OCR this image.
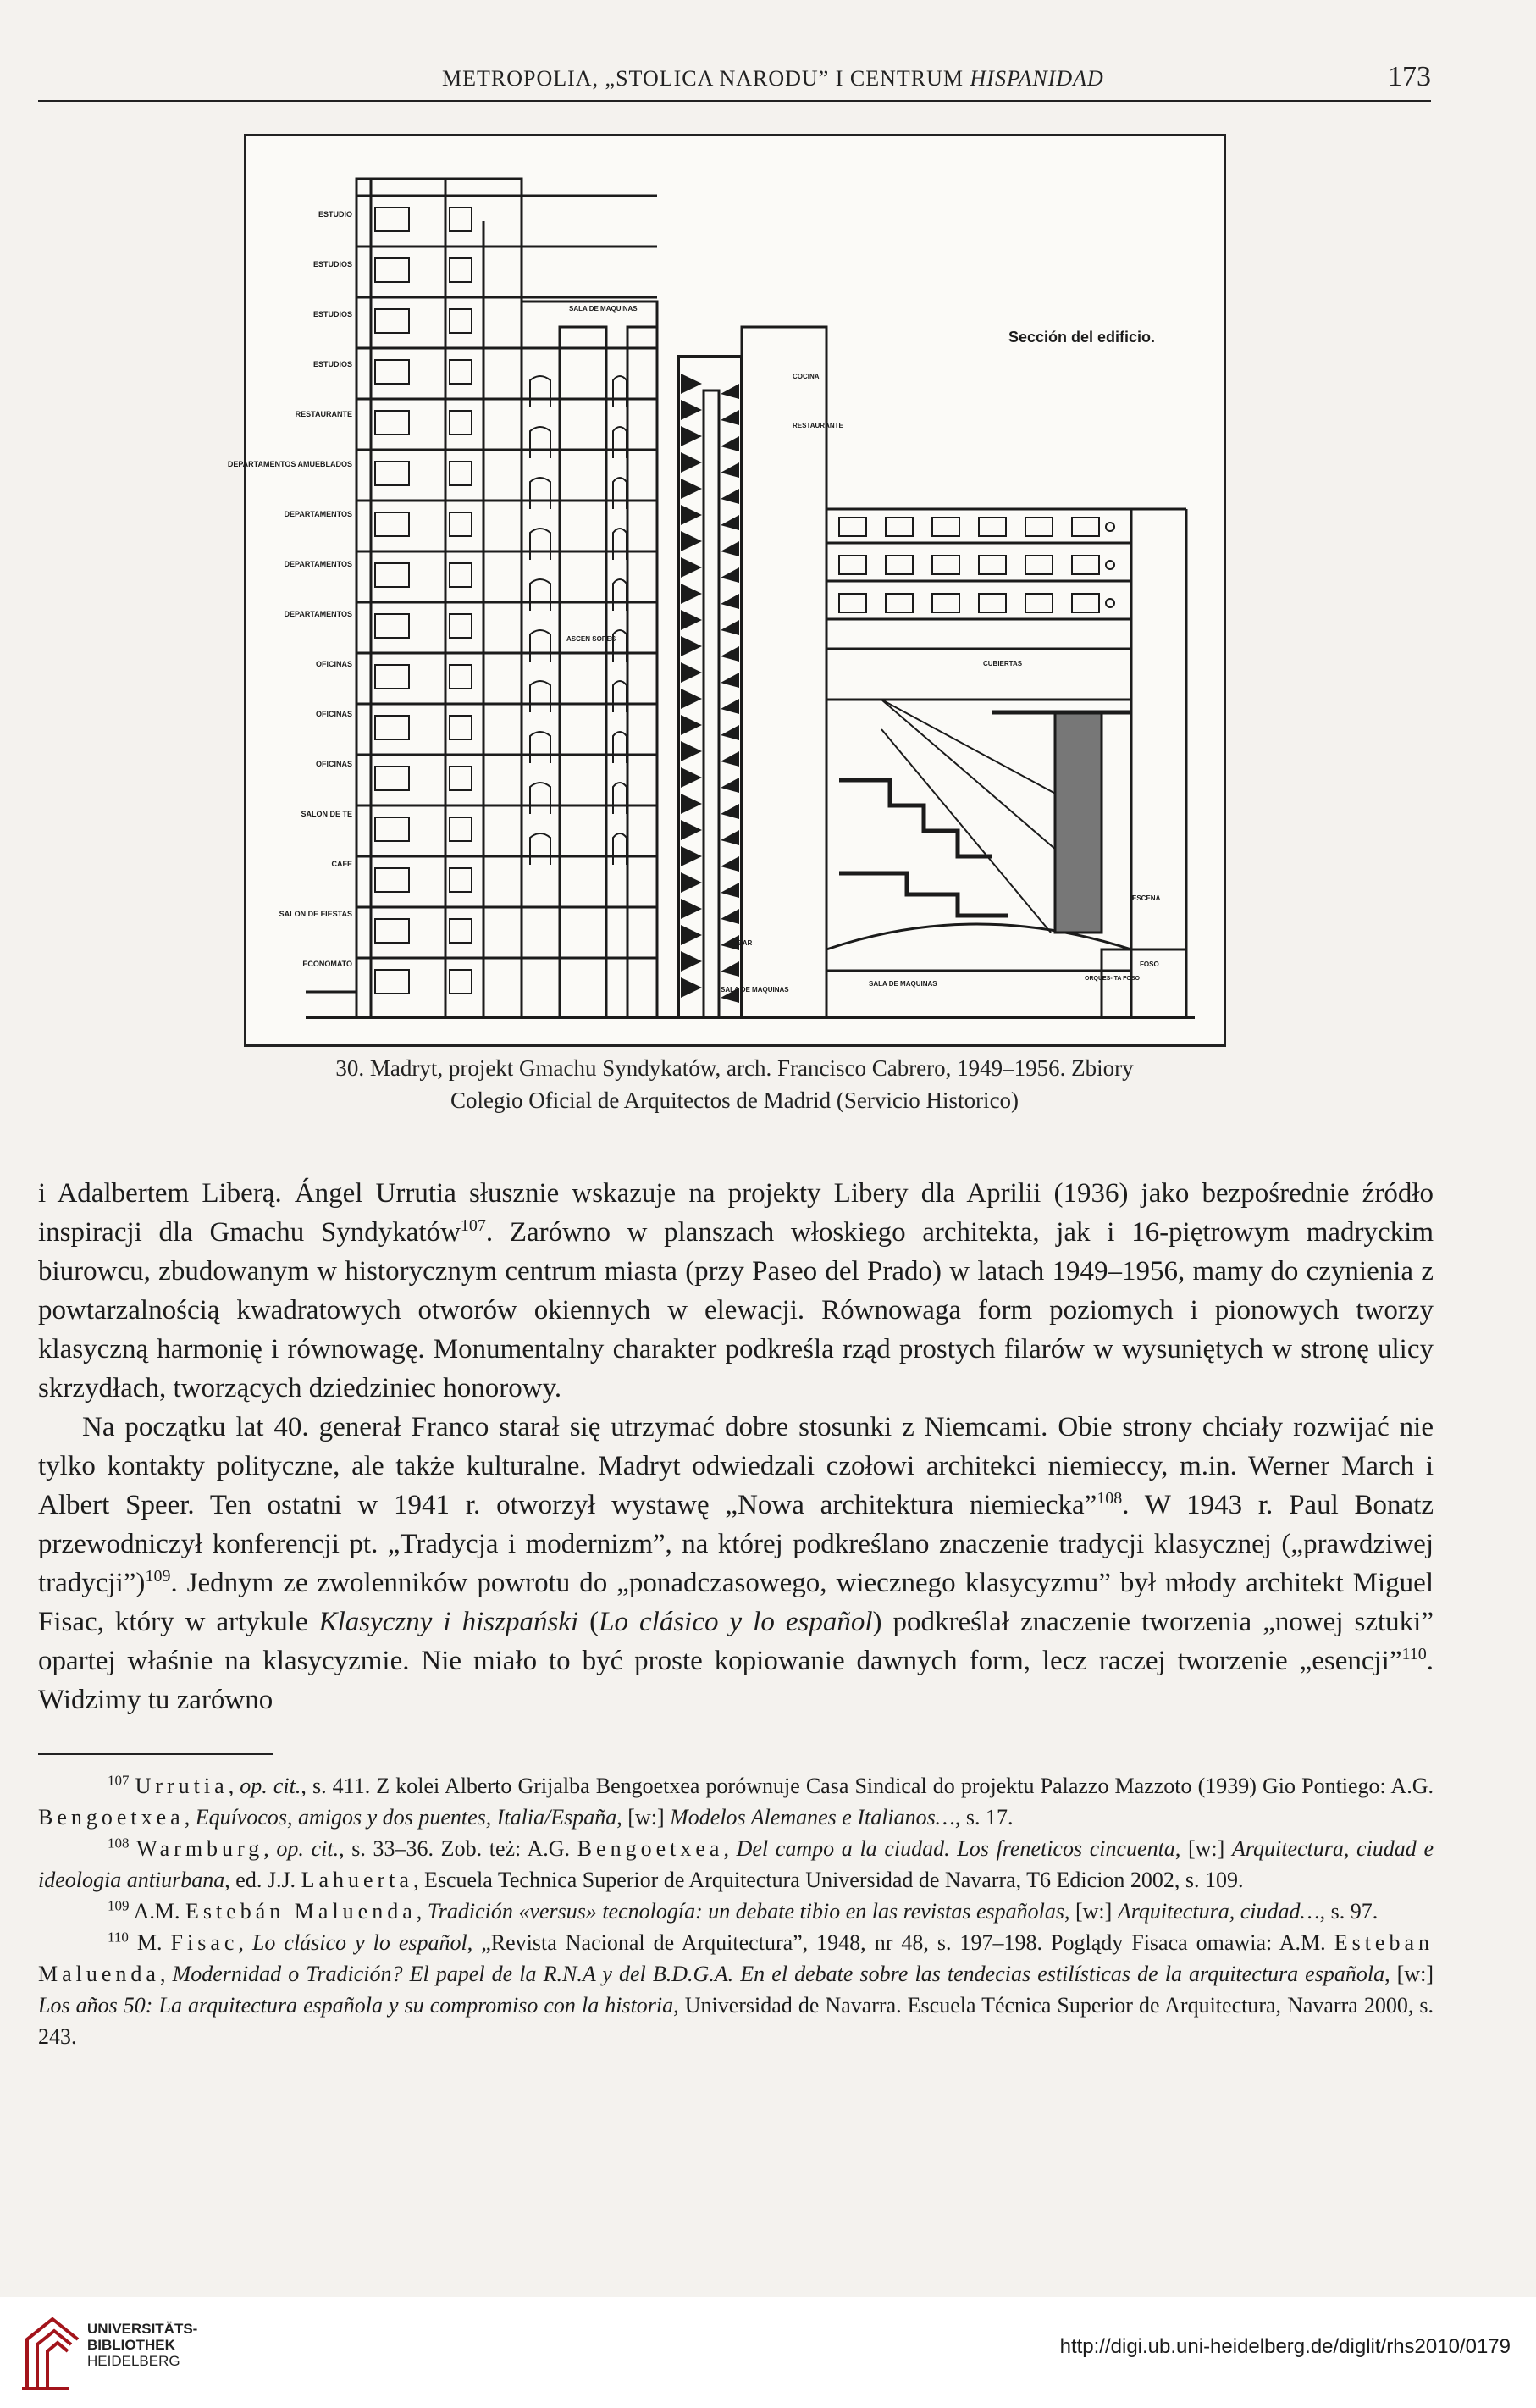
METROPOLIA, „STOLICA NARODU” I CENTRUM HISPANIDAD	173
Sección del edificio.
ESTUDIO
ESTUDIOS
ESTUDIOS
ESTUDIOS
RESTAURANTE
DEPARTAMENTOS AMUEBLADOS
DEPARTAMENTOS
DEPARTAMENTOS
DEPARTAMENTOS
OFICINAS
OFICINAS
OFICINAS
SALON DE TE
CAFE
SALON DE FIESTAS
ECONOMATO
SALA DE MAQUINAS
COCINA
RESTAURANTE
ASCEN SORES
BAR
SALA DE MAQUINAS
SALA DE MAQUINAS
ESCENA
FOSO
ORQUES- TA FOSO
CUBIERTAS
30. Madryt, projekt Gmachu Syndykatów, arch. Francisco Cabrero, 1949–1956. Zbiory
Colegio Oficial de Arquitectos de Madrid (Servicio Historico)

i Adalbertem Liberą. Ángel Urrutia słusznie wskazuje na projekty Libery dla Aprilii (1936) jako bezpośrednie źródło inspiracji dla Gmachu Syndykatów$^{107}$. Zarówno w planszach włoskiego architekta, jak i 16-piętrowym madryckim biurowcu, zbudowanym w historycznym centrum miasta (przy Paseo del Prado) w latach 1949–1956, mamy do czynienia z powtarzalnością kwadratowych otworów okiennych w elewacji. Równowaga form poziomych i pionowych tworzy klasyczną harmonię i równowagę. Monumentalny charakter podkreśla rząd prostych filarów w wysuniętych w stronę ulicy skrzydłach, tworzących dziedziniec honorowy.

Na początku lat 40. generał Franco starał się utrzymać dobre stosunki z Niemcami. Obie strony chciały rozwijać nie tylko kontakty polityczne, ale także kulturalne. Madryt odwiedzali czołowi architekci niemieccy, m.in. Werner March i Albert Speer. Ten ostatni w 1941 r. otworzył wystawę „Nowa architektura niemiecka”$^{108}$. W 1943 r. Paul Bonatz przewodniczył konferencji pt. „Tradycja i modernizm”, na której podkreślano znaczenie tradycji klasycznej („prawdziwej tradycji”)$^{109}$. Jednym ze zwolenników powrotu do „ponadczasowego, wiecznego klasycyzmu” był młody architekt Miguel Fisac, który w artykule Klasyczny i hiszpański (Lo clásico y lo español) podkreślał znaczenie tworzenia „nowej sztuki” opartej właśnie na klasycyzmie. Nie miało to być proste kopiowanie dawnych form, lecz raczej tworzenie „esencji”$^{110}$. Widzimy tu zarówno

$^{107}$ Urrutia, op. cit., s. 411. Z kolei Alberto Grijalba Bengoetxea porównuje Casa Sindical do projektu Palazzo Mazzoto (1939) Gio Pontiego: A.G. Bengoetxea, Equívocos, amigos y dos puentes, Italia/España, [w:] Modelos Alemanes e Italianos…, s. 17.

$^{108}$ Warmburg, op. cit., s. 33–36. Zob. też: A.G. Bengoetxea, Del campo a la ciudad. Los freneticos cincuenta, [w:] Arquitectura, ciudad e ideologia antiurbana, ed. J.J. Lahuerta, Escuela Technica Superior de Arquitectura Universidad de Navarra, T6 Edicion 2002, s. 109.

$^{109}$ A.M. Estebán Maluenda, Tradición «versus» tecnología: un debate tibio en las revistas españolas, [w:] Arquitectura, ciudad…, s. 97.

$^{110}$ M. Fisac, Lo clásico y lo español, „Revista Nacional de Arquitectura”, 1948, nr 48, s. 197–198. Poglądy Fisaca omawia: A.M. Esteban Maluenda, Modernidad o Tradición? El papel de la R.N.A y del B.D.G.A. En el debate sobre las tendecias estilísticas de la arquitectura española, [w:] Los años 50: La arquitectura española y su compromiso con la historia, Universidad de Navarra. Escuela Técnica Superior de Arquitectura, Navarra 2000, s. 243.

UNIVERSITÄTS-
BIBLIOTHEK
HEIDELBERG
http://digi.ub.uni-heidelberg.de/diglit/rhs2010/0179
